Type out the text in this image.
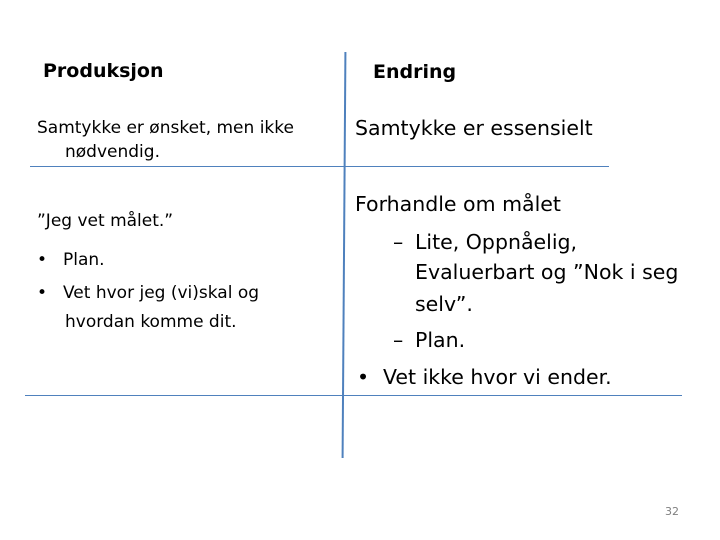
Produksjon	Endring
Samtykke er ønsket, men ikke
nødvendig.
”Jeg vet målet.”
• Plan.
• Vet hvor jeg (vi)skal og
hvordan komme dit.
Samtykke er essensielt
Forhandle om målet
– Lite, Oppnåelig,
Evaluerbart og ”Nok i seg
selv”.
– Plan.
• Vet ikke hvor vi ender.
32
